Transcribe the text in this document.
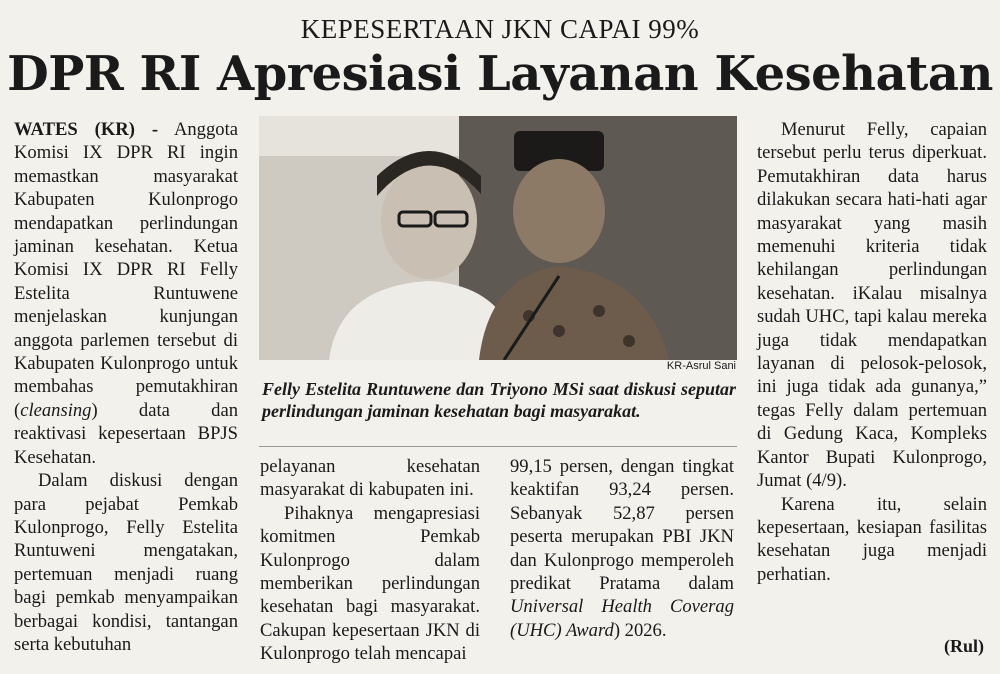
KEPESERTAAN JKN CAPAI 99%
DPR RI Apresiasi Layanan Kesehatan

WATES (KR) - Anggota Komisi IX DPR RI ingin memastkan masyarakat Kabupaten Kulonprogo mendapatkan perlindungan jaminan kesehatan. Ketua Komisi IX DPR RI Felly Estelita Runtuwene menjelaskan kunjungan anggota parlemen tersebut di Kabupaten Kulonprogo untuk membahas pemutakhiran (cleansing) data dan reaktivasi kepesertaan BPJS Kesehatan.

Dalam diskusi dengan para pejabat Pemkab Kulonprogo, Felly Estelita Runtuweni mengatakan, pertemuan menjadi ruang bagi pemkab menyampaikan berbagai kondisi, tantangan serta kebutuhan

KR-Asrul Sani
Felly Estelita Runtuwene dan Triyono MSi saat diskusi seputar perlindungan jaminan kesehatan bagi masyarakat.

pelayanan kesehatan masyarakat di kabupaten ini.

Pihaknya mengapresiasi komitmen Pemkab Kulonprogo dalam memberikan perlindungan kesehatan bagi masyarakat. Cakupan kepesertaan JKN di Kulonprogo telah mencapai

99,15 persen, dengan tingkat keaktifan 93,24 persen. Sebanyak 52,87 persen peserta merupakan PBI JKN dan Kulonprogo memperoleh predikat Pratama dalam Universal Health Coverag (UHC) Award) 2026.

Menurut Felly, capaian tersebut perlu terus diperkuat. Pemutakhiran data harus dilakukan secara hati-hati agar masyarakat yang masih memenuhi kriteria tidak kehilangan perlindungan kesehatan. iKalau misalnya sudah UHC, tapi kalau mereka juga tidak mendapatkan layanan di pelosok-pelosok, ini juga tidak ada gunanya,” tegas Felly dalam pertemuan di Gedung Kaca, Kompleks Kantor Bupati Kulonprogo, Jumat (4/9).

Karena itu, selain kepesertaan, kesiapan fasilitas kesehatan juga menjadi perhatian.

(Rul)
